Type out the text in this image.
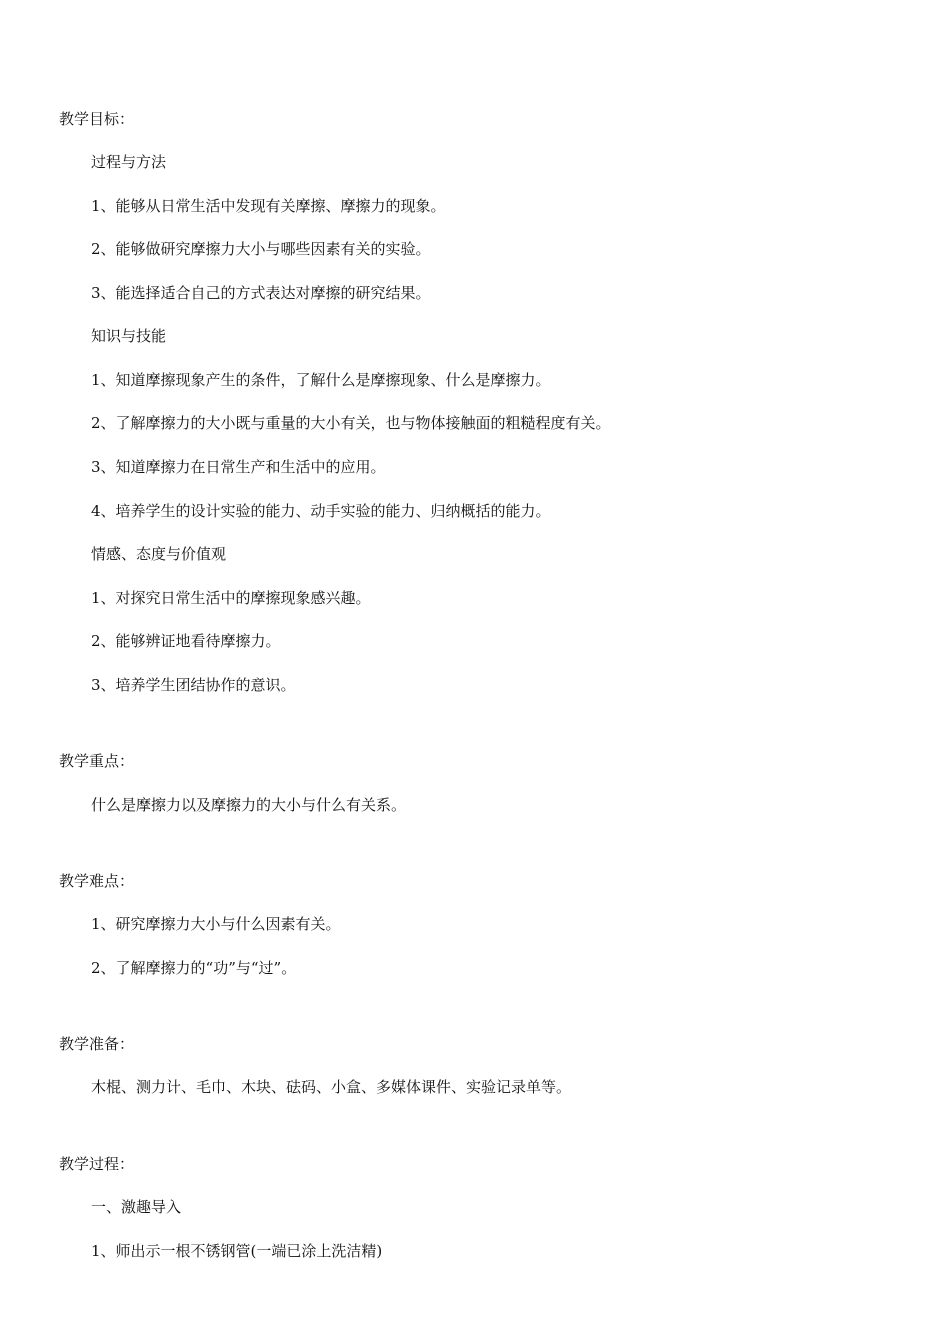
教学目标：
过程与方法
1、能够从日常生活中发现有关摩擦、摩擦力的现象。
2、能够做研究摩擦力大小与哪些因素有关的实验。
3、能选择适合自己的方式表达对摩擦的研究结果。
知识与技能
1、知道摩擦现象产生的条件，了解什么是摩擦现象、什么是摩擦力。
2、了解摩擦力的大小既与重量的大小有关，也与物体接触面的粗糙程度有关。
3、知道摩擦力在日常生产和生活中的应用。
4、培养学生的设计实验的能力、动手实验的能力、归纳概括的能力。
情感、态度与价值观
1、对探究日常生活中的摩擦现象感兴趣。
2、能够辨证地看待摩擦力。
3、培养学生团结协作的意识。
教学重点：
什么是摩擦力以及摩擦力的大小与什么有关系。
教学难点：
1、研究摩擦力大小与什么因素有关。
2、了解摩擦力的“功”与“过”。
教学准备：
木棍、测力计、毛巾、木块、砝码、小盒、多媒体课件、实验记录单等。
教学过程：
一、激趣导入
1、师出示一根不锈钢管(一端已涂上洗洁精)
